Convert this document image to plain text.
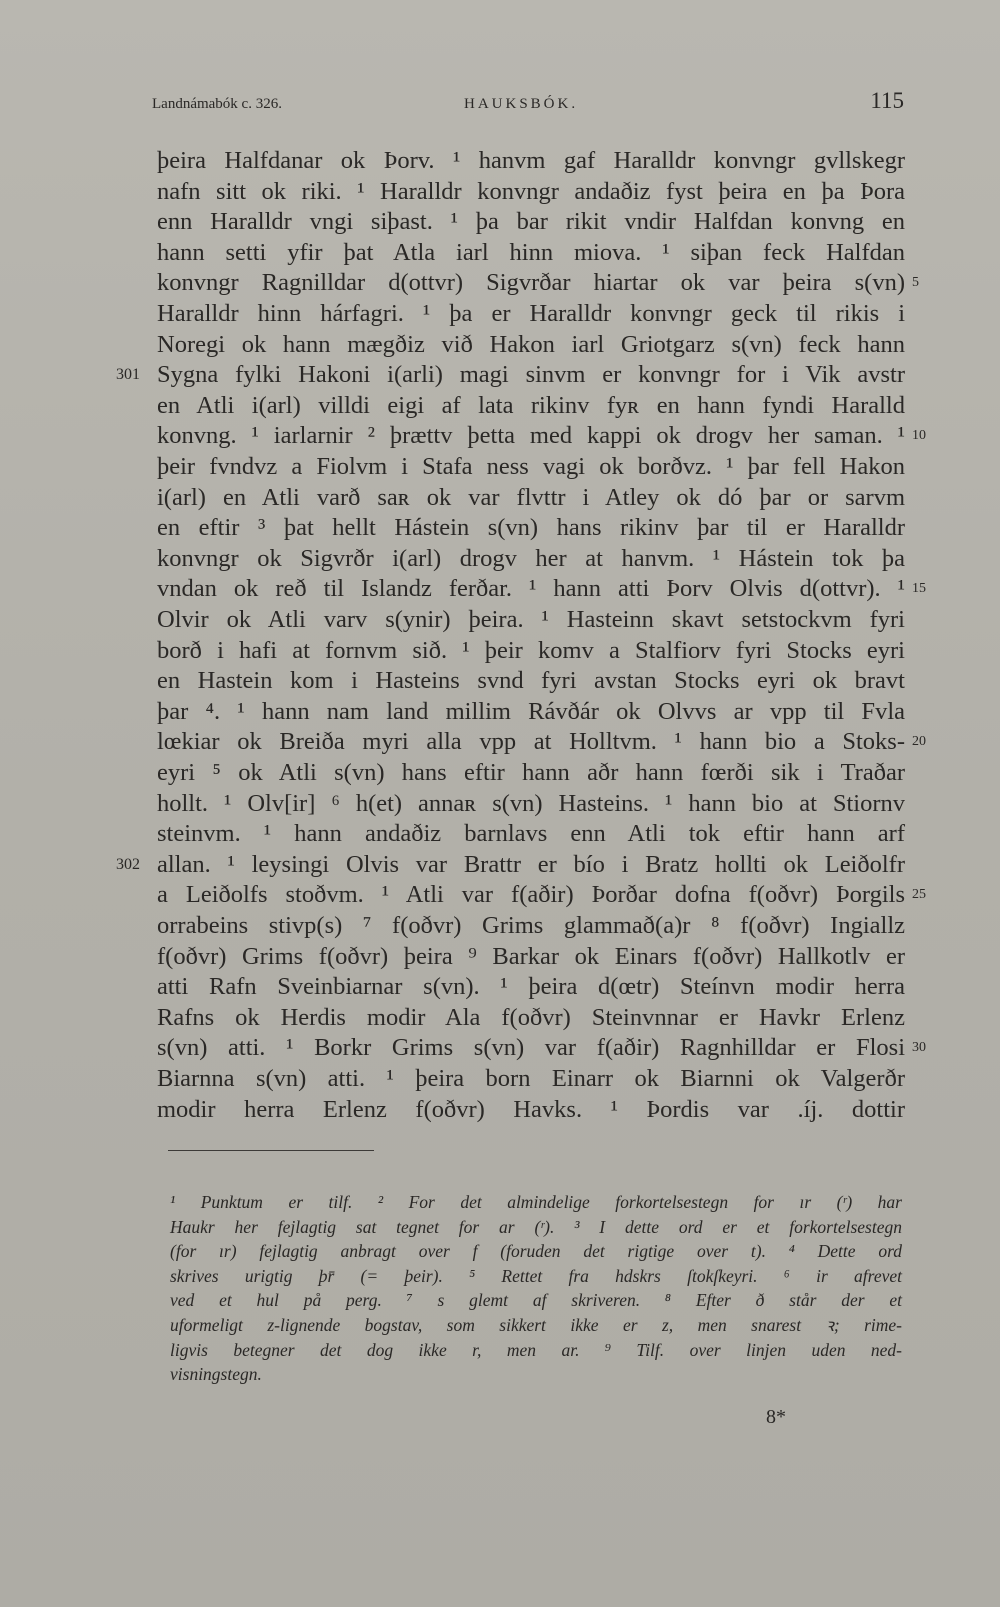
Landnámabók c. 326.	HAUKSBÓK.	115
þeira Halfdanar ok Þorv. ¹ hanvm gaf Haralldr konvngr gvllskegr
nafn sitt ok riki. ¹ Haralldr konvngr andaðiz fyst þeira en þa Þora
enn Haralldr vngi siþast. ¹ þa bar rikit vndir Halfdan konvng en
hann setti yfir þat Atla iarl hinn miova. ¹ siþan feck Halfdan
konvngr Ragnilldar d(ottvr) Sigvrðar hiartar ok var þeira s(vn)
Haralldr hinn hárfagri. ¹ þa er Haralldr konvngr geck til rikis i
Noregi ok hann mægðiz við Hakon iarl Griotgarz s(vn) feck hann
Sygna fylki Hakoni i(arli) magi sinvm er konvngr for i Vik avstr
en Atli i(arl) villdi eigi af lata rikinv fyʀ en hann fyndi Haralld
konvng. ¹ iarlarnir ² þrættv þetta med kappi ok drogv her saman. ¹
þeir fvndvz a Fiolvm i Stafa ness vagi ok borðvz. ¹ þar fell Hakon
i(arl) en Atli varð saʀ ok var flvttr i Atley ok dó þar or sarvm
en eftir ³ þat hellt Hástein s(vn) hans rikinv þar til er Haralldr
konvngr ok Sigvrðr i(arl) drogv her at hanvm. ¹ Hástein tok þa
vndan ok reð til Islandz ferðar. ¹ hann atti Þorv Olvis d(ottvr). ¹
Olvir ok Atli varv s(ynir) þeira. ¹ Hasteinn skavt setstockvm fyri
borð i hafi at fornvm sið. ¹ þeir komv a Stalfiorv fyri Stocks eyri
en Hastein kom i Hasteins svnd fyri avstan Stocks eyri ok bravt
þar ⁴. ¹ hann nam land millim Rávðár ok Olvvs ar vpp til Fvla
lœkiar ok Breiða myri alla vpp at Holltvm. ¹ hann bio a Stoks-
eyri ⁵ ok Atli s(vn) hans eftir hann aðr hann fœrði sik i Traðar
hollt. ¹ Olv[ir] ⁶ h(et) annaʀ s(vn) Hasteins. ¹ hann bio at Stiornv
steinvm. ¹ hann andaðiz barnlavs enn Atli tok eftir hann arf
allan. ¹ leysingi Olvis var Brattr er bío i Bratz hollti ok Leiðolfr
a Leiðolfs stoðvm. ¹ Atli var f(aðir) Þorðar dofna f(oðvr) Þorgils
orrabeins stivp(s) ⁷ f(oðvr) Grims glammað(a)r ⁸ f(oðvr) Ingiallz
f(oðvr) Grims f(oðvr) þeira ⁹ Barkar ok Einars f(oðvr) Hallkotlv er
atti Rafn Sveinbiarnar s(vn). ¹ þeira d(œtr) Steínvn modir herra
Rafns ok Herdis modir Ala f(oðvr) Steinvnnar er Havkr Erlenz
s(vn) atti. ¹ Borkr Grims s(vn) var f(aðir) Ragnhilldar er Flosi
Biarnna s(vn) atti. ¹ þeira born Einarr ok Biarnni ok Valgerðr
modir herra Erlenz f(oðvr) Havks. ¹ Þordis var .íj. dottir
5
10
15
20
25
30
301
302
¹ Punktum er tilf. ² For det almindelige forkortelsestegn for ır (ʳ) har
Haukr her fejlagtig sat tegnet for ar (ʳ). ³ I dette ord er et forkortelsestegn
(for ır) fejlagtig anbragt over f (foruden det rigtige over t). ⁴ Dette ord
skrives urigtig þr̄ (= þeir). ⁵ Rettet fra hdskrs ſtokſkeyri. ⁶ ir afrevet
ved et hul på perg. ⁷ s glemt af skriveren. ⁸ Efter ð står der et
uformeligt z-lignende bogstav, som sikkert ikke er z, men snarest ꝛ; rime-
ligvis betegner det dog ikke r, men ar. ⁹ Tilf. over linjen uden ned-
visningstegn.
8*
